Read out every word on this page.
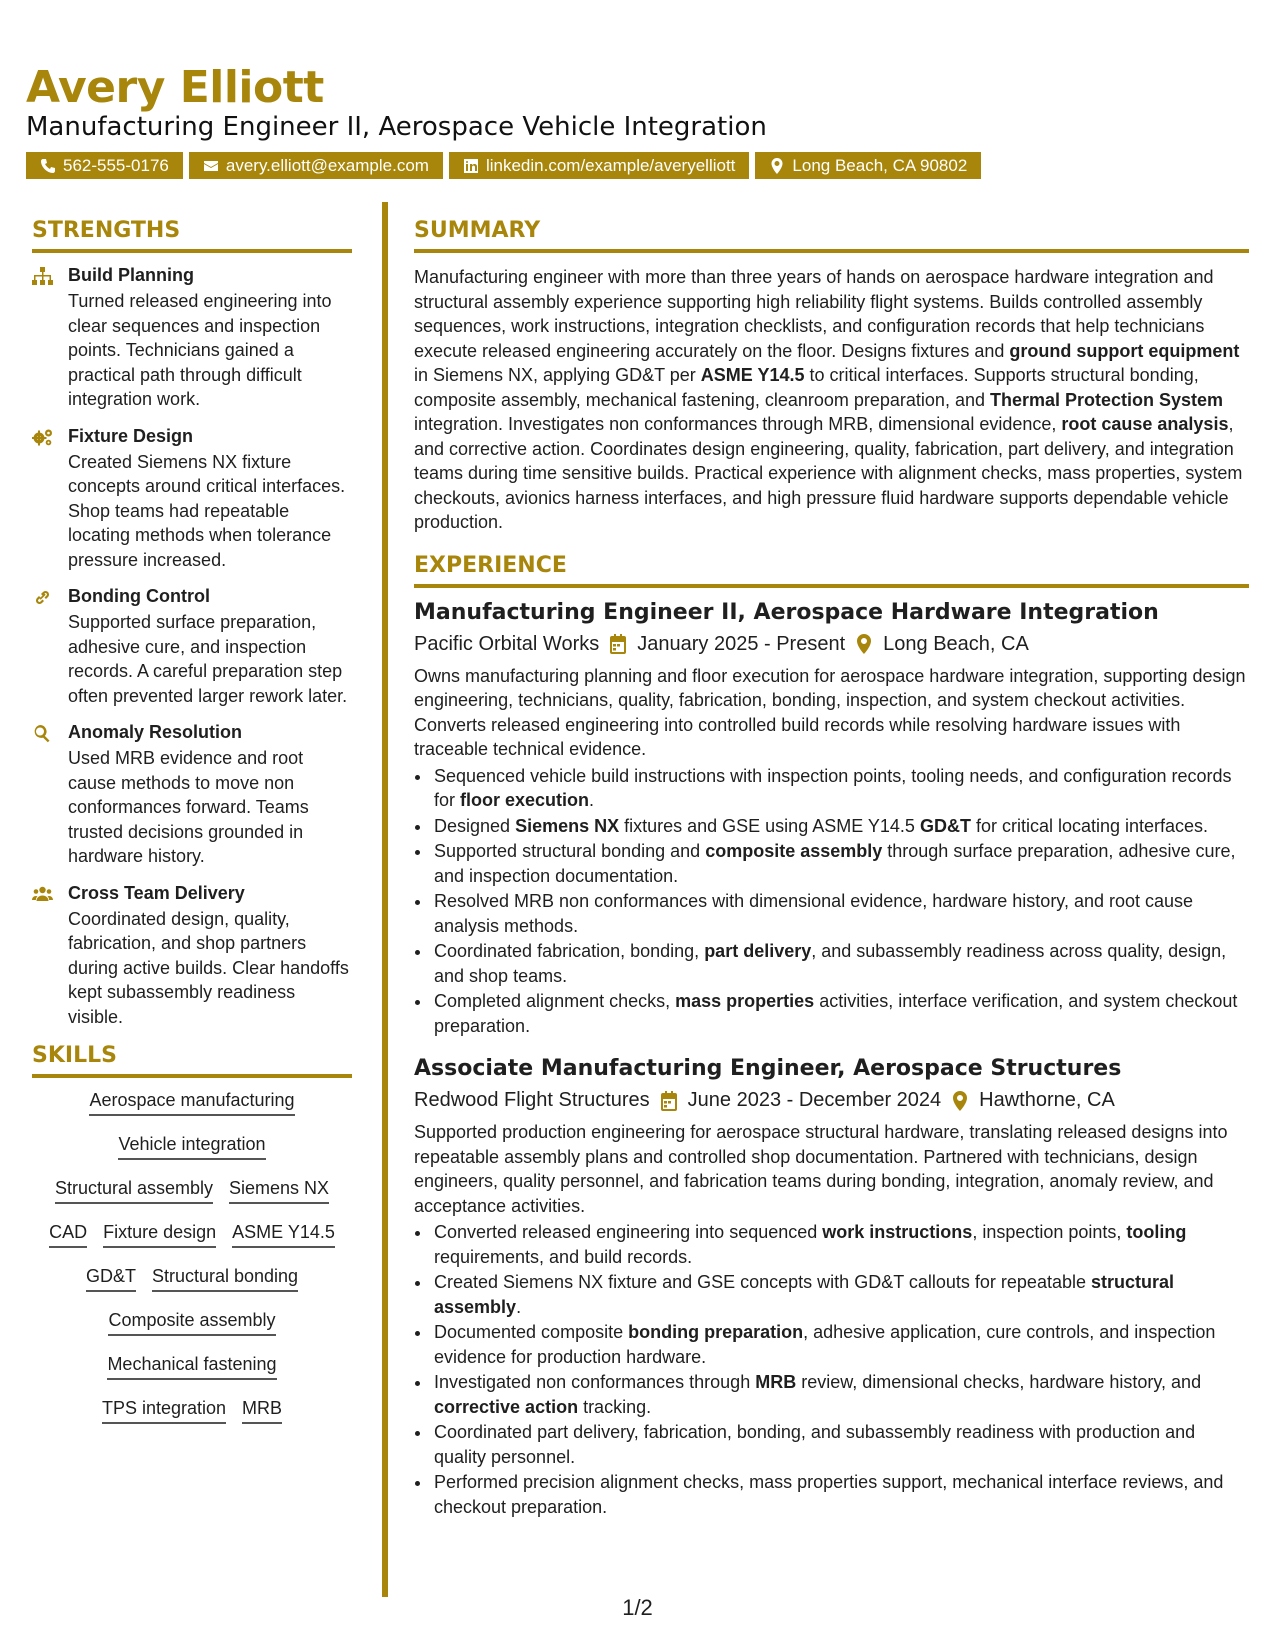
Avery Elliott
Manufacturing Engineer II, Aerospace Vehicle Integration
562-555-0176	avery.elliott@example.com	linkedin.com/example/averyelliott	Long Beach, CA 90802
STRENGTHS
Build Planning
Turned released engineering into clear sequences and inspection points. Technicians gained a practical path through difficult integration work.
Fixture Design
Created Siemens NX fixture concepts around critical interfaces. Shop teams had repeatable locating methods when tolerance pressure increased.
Bonding Control
Supported surface preparation, adhesive cure, and inspection records. A careful preparation step often prevented larger rework later.
Anomaly Resolution
Used MRB evidence and root cause methods to move non conformances forward. Teams trusted decisions grounded in hardware history.
Cross Team Delivery
Coordinated design, quality, fabrication, and shop partners during active builds. Clear handoffs kept subassembly readiness visible.
SKILLS
Aerospace manufacturing
Vehicle integration
Structural assembly Siemens NX
CAD Fixture design ASME Y14.5
GD&T Structural bonding
Composite assembly
Mechanical fastening
TPS integration MRB
SUMMARY
Manufacturing engineer with more than three years of hands on aerospace hardware integration and structural assembly experience supporting high reliability flight systems. Builds controlled assembly sequences, work instructions, integration checklists, and configuration records that help technicians execute released engineering accurately on the floor. Designs fixtures and ground support equipment in Siemens NX, applying GD&T per ASME Y14.5 to critical interfaces. Supports structural bonding, composite assembly, mechanical fastening, cleanroom preparation, and Thermal Protection System integration. Investigates non conformances through MRB, dimensional evidence, root cause analysis, and corrective action. Coordinates design engineering, quality, fabrication, part delivery, and integration teams during time sensitive builds. Practical experience with alignment checks, mass properties, system checkouts, avionics harness interfaces, and high pressure fluid hardware supports dependable vehicle production.
EXPERIENCE
Manufacturing Engineer II, Aerospace Hardware Integration
Pacific Orbital Works January 2025 - Present Long Beach, CA
Owns manufacturing planning and floor execution for aerospace hardware integration, supporting design engineering, technicians, quality, fabrication, bonding, inspection, and system checkout activities. Converts released engineering into controlled build records while resolving hardware issues with traceable technical evidence.
• Sequenced vehicle build instructions with inspection points, tooling needs, and configuration records for floor execution.
• Designed Siemens NX fixtures and GSE using ASME Y14.5 GD&T for critical locating interfaces.
• Supported structural bonding and composite assembly through surface preparation, adhesive cure, and inspection documentation.
• Resolved MRB non conformances with dimensional evidence, hardware history, and root cause analysis methods.
• Coordinated fabrication, bonding, part delivery, and subassembly readiness across quality, design, and shop teams.
• Completed alignment checks, mass properties activities, interface verification, and system checkout preparation.
Associate Manufacturing Engineer, Aerospace Structures
Redwood Flight Structures June 2023 - December 2024 Hawthorne, CA
Supported production engineering for aerospace structural hardware, translating released designs into repeatable assembly plans and controlled shop documentation. Partnered with technicians, design engineers, quality personnel, and fabrication teams during bonding, integration, anomaly review, and acceptance activities.
• Converted released engineering into sequenced work instructions, inspection points, tooling requirements, and build records.
• Created Siemens NX fixture and GSE concepts with GD&T callouts for repeatable structural assembly.
• Documented composite bonding preparation, adhesive application, cure controls, and inspection evidence for production hardware.
• Investigated non conformances through MRB review, dimensional checks, hardware history, and corrective action tracking.
• Coordinated part delivery, fabrication, bonding, and subassembly readiness with production and quality personnel.
• Performed precision alignment checks, mass properties support, mechanical interface reviews, and checkout preparation.
1/2
